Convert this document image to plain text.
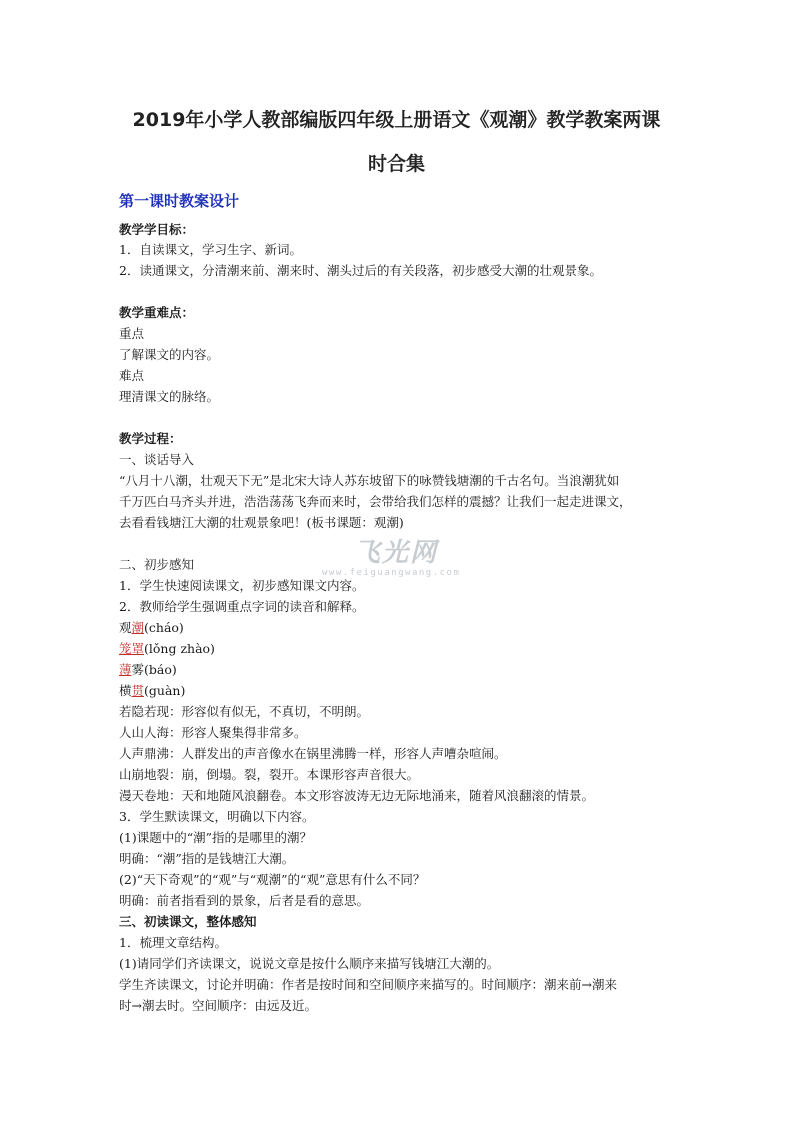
2019年小学人教部编版四年级上册语文《观潮》教学教案两课
时合集
第一课时教案设计
教学学目标：
1．自读课文，学习生字、新词。
2．读通课文，分清潮来前、潮来时、潮头过后的有关段落，初步感受大潮的壮观景象。
教学重难点：
重点
了解课文的内容。
难点
理清课文的脉络。
教学过程：
一、谈话导入
“八月十八潮，壮观天下无”是北宋大诗人苏东坡留下的咏赞钱塘潮的千古名句。当浪潮犹如
千万匹白马齐头并进，浩浩荡荡飞奔而来时，会带给我们怎样的震撼？让我们一起走进课文，
去看看钱塘江大潮的壮观景象吧！(板书课题：观潮)
二、初步感知
1．学生快速阅读课文，初步感知课文内容。
2．教师给学生强调重点字词的读音和解释。
观潮(cháo)
笼罩(lǒng zhào)
薄雾(báo)
横贯(guàn)
若隐若现：形容似有似无，不真切，不明朗。
人山人海：形容人聚集得非常多。
人声鼎沸：人群发出的声音像水在锅里沸腾一样，形容人声嘈杂喧闹。
山崩地裂：崩，倒塌。裂，裂开。本课形容声音很大。
漫天卷地：天和地随风浪翻卷。本文形容波涛无边无际地涌来，随着风浪翻滚的情景。
3．学生默读课文，明确以下内容。
(1)课题中的“潮”指的是哪里的潮？
明确：“潮”指的是钱塘江大潮。
(2)“天下奇观”的“观”与“观潮”的“观”意思有什么不同？
明确：前者指看到的景象，后者是看的意思。
三、初读课文，整体感知
1．梳理文章结构。
(1)请同学们齐读课文，说说文章是按什么顺序来描写钱塘江大潮的。
学生齐读课文，讨论并明确：作者是按时间和空间顺序来描写的。时间顺序：潮来前→潮来
时→潮去时。空间顺序：由远及近。
飞光网
www.feiguangwang.com
